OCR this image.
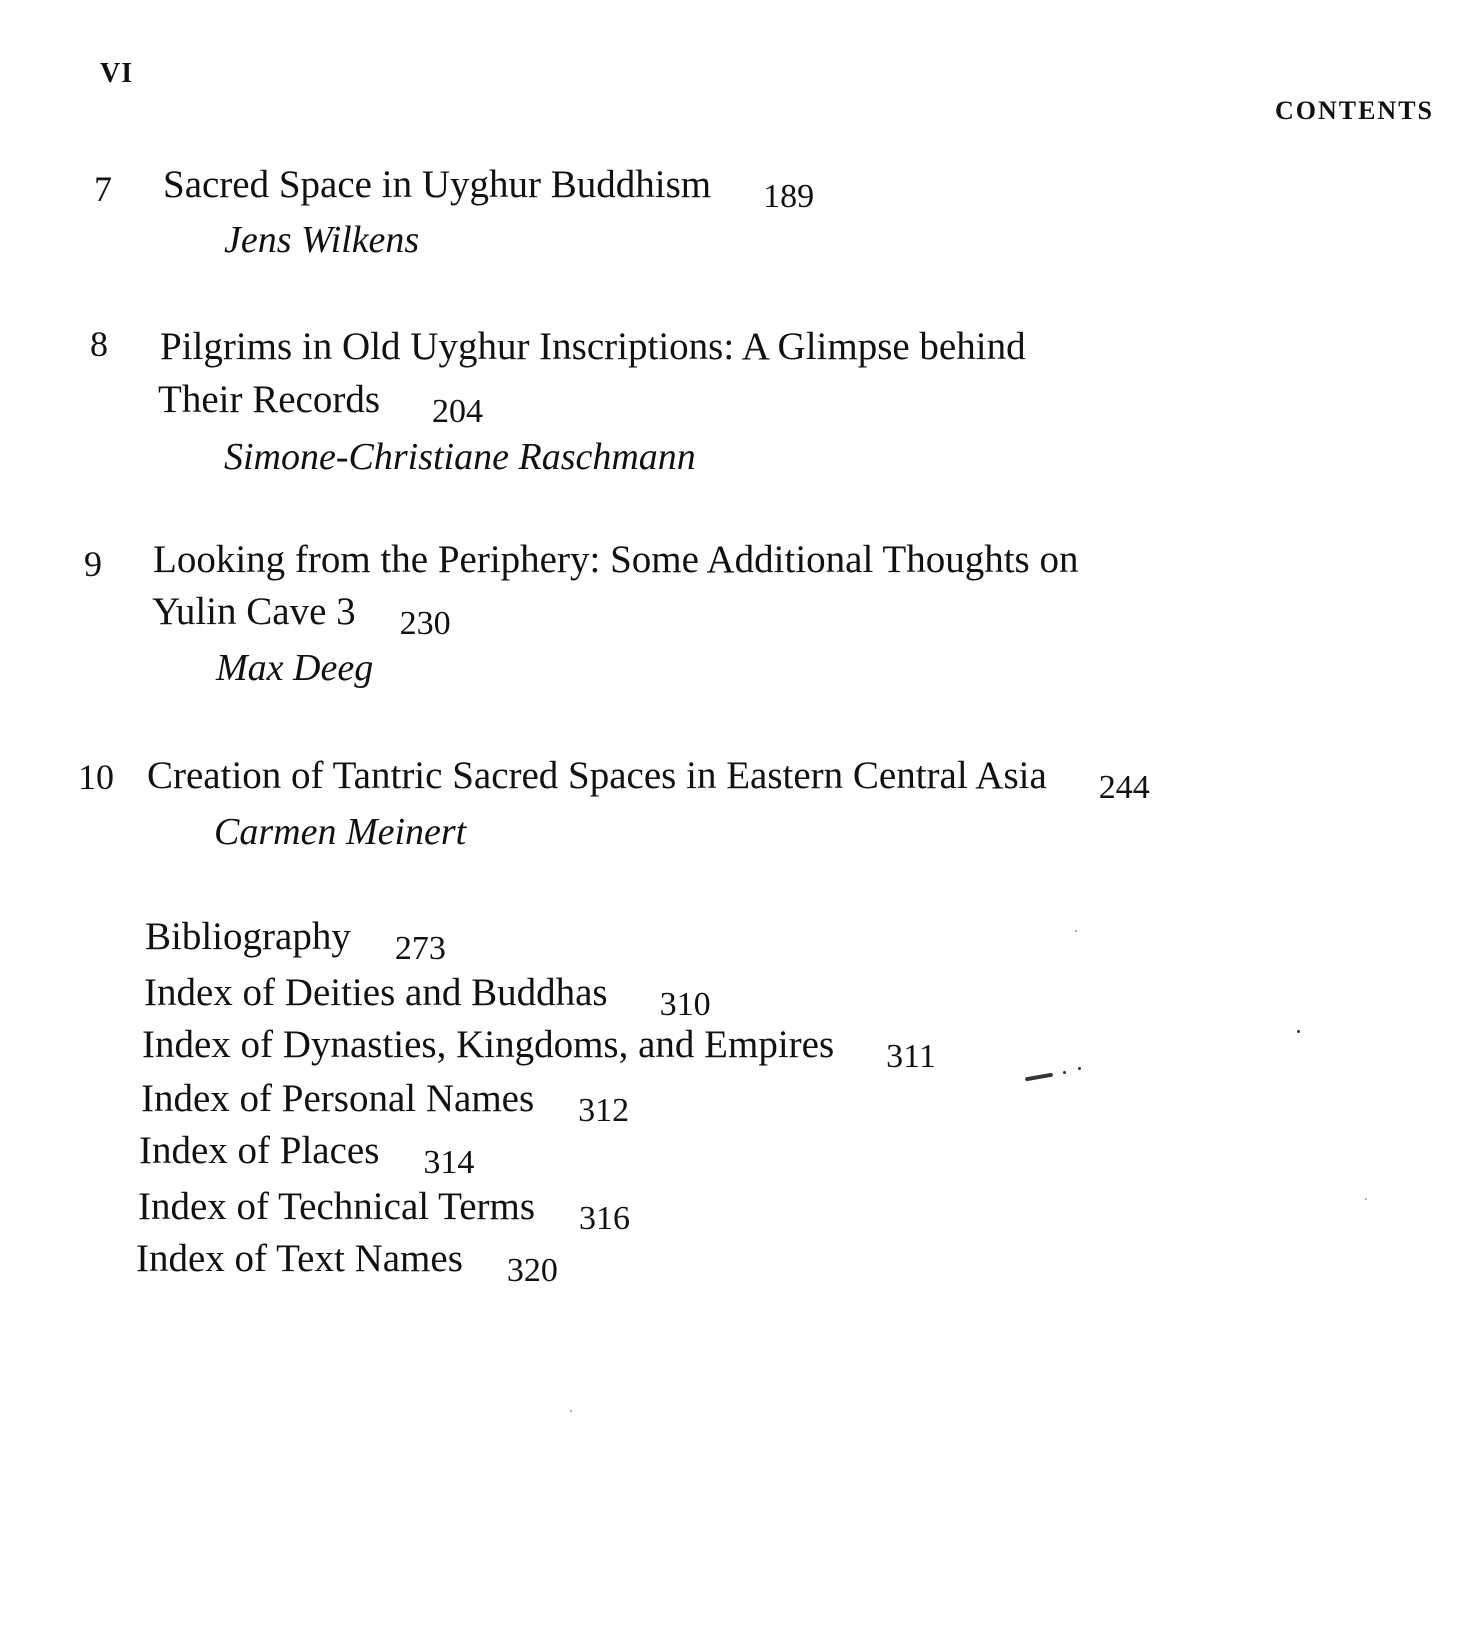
VI
CONTENTS
7 Sacred Space in Uyghur Buddhism 189
Jens Wilkens
8 Pilgrims in Old Uyghur Inscriptions: A Glimpse behind
Their Records 204
Simone-Christiane Raschmann
9 Looking from the Periphery: Some Additional Thoughts on
Yulin Cave 3 230
Max Deeg
10 Creation of Tantric Sacred Spaces in Eastern Central Asia 244
Carmen Meinert
Bibliography 273
Index of Deities and Buddhas 310
Index of Dynasties, Kingdoms, and Empires 311
Index of Personal Names 312
Index of Places 314
Index of Technical Terms 316
Index of Text Names 320
